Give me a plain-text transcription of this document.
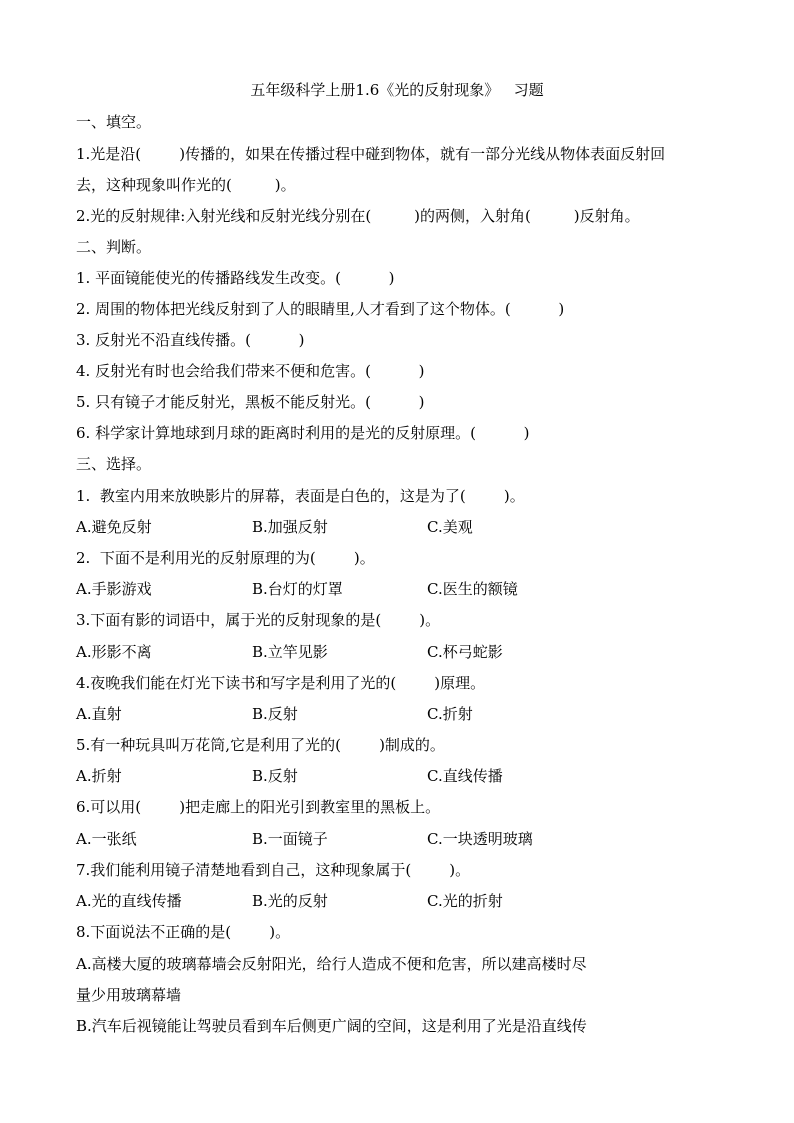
五年级科学上册1.6《光的反射现象》   习题
一、填空。
1.光是沿(        )传播的，如果在传播过程中碰到物体，就有一部分光线从物体表面反射回
去，这种现象叫作光的(         )。
2.光的反射规律:入射光线和反射光线分别在(         )的两侧，入射角(         )反射角。
二、判断。
1. 平面镜能使光的传播路线发生改变。(          )
2. 周围的物体把光线反射到了人的眼睛里,人才看到了这个物体。(          )
3. 反射光不沿直线传播。(          )
4. 反射光有时也会给我们带来不便和危害。(          )
5. 只有镜子才能反射光，黑板不能反射光。(          )
6. 科学家计算地球到月球的距离时利用的是光的反射原理。(          )
三、选择。
1.  教室内用来放映影片的屏幕，表面是白色的，这是为了(        )。
A.避免反射	B.加强反射	C.美观
2.  下面不是利用光的反射原理的为(        )。
A.手影游戏	B.台灯的灯罩	C.医生的额镜
3.下面有影的词语中，属于光的反射现象的是(        )。
A.形影不离	B.立竿见影	C.杯弓蛇影
4.夜晚我们能在灯光下读书和写字是利用了光的(        )原理。
A.直射	B.反射	C.折射
5.有一种玩具叫万花筒,它是利用了光的(        )制成的。
A.折射	B.反射	C.直线传播
6.可以用(        )把走廊上的阳光引到教室里的黑板上。
A.一张纸	B.一面镜子	C.一块透明玻璃
7.我们能利用镜子清楚地看到自己，这种现象属于(        )。
A.光的直线传播	B.光的反射	C.光的折射
8.下面说法不正确的是(        )。
A.高楼大厦的玻璃幕墙会反射阳光，给行人造成不便和危害，所以建高楼时尽
量少用玻璃幕墙
B.汽车后视镜能让驾驶员看到车后侧更广阔的空间，这是利用了光是沿直线传
